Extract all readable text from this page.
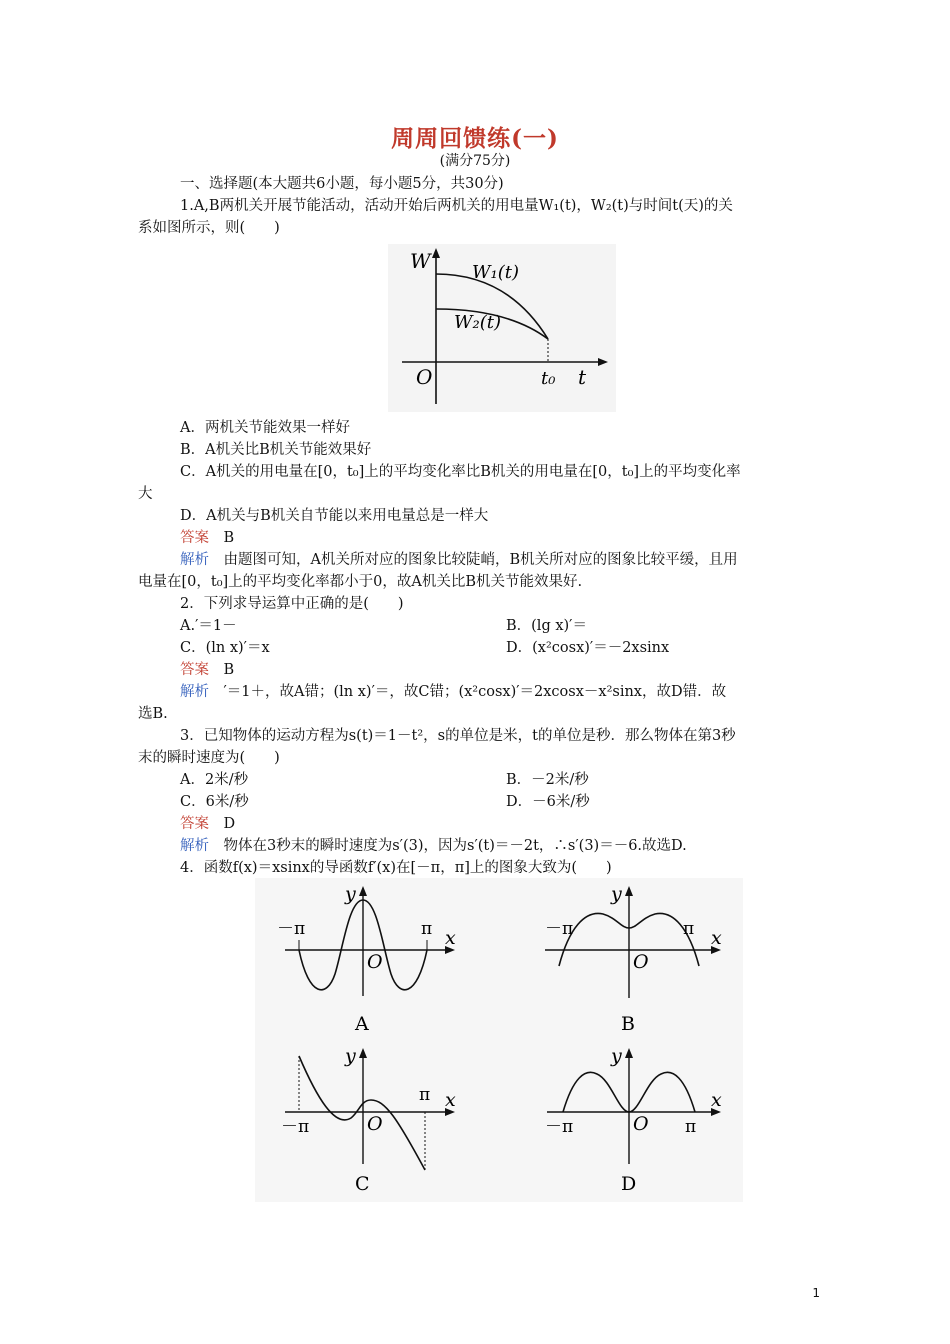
周周回馈练(一)
(满分75分)
一、选择题(本大题共6小题，每小题5分，共30分)
1.A,B两机关开展节能活动，活动开始后两机关的用电量W₁(t)，W₂(t)与时间t(天)的关
系如图所示，则(　　)
W W₁(t)
W₂(t)
O	t₀ t
A．两机关节能效果一样好
B．A机关比B机关节能效果好
C．A机关的用电量在[0，t₀]上的平均变化率比B机关的用电量在[0，t₀]上的平均变化率
大
D．A机关与B机关自节能以来用电量总是一样大
答案　 B
解析　 由题图可知，A机关所对应的图象比较陡峭，B机关所对应的图象比较平缓，且用
电量在[0，t₀]上的平均变化率都小于0，故A机关比B机关节能效果好.
2．下列求导运算中正确的是(　　)
A.′＝1－	B．(lg x)′＝
C．(ln x)′＝x	D．(x²cosx)′＝－2xsinx
答案　 B
解析　 ′＝1＋，故A错；(ln x)′＝，故C错；(x²cosx)′＝2xcosx－x²sinx，故D错．故
选B.
3．已知物体的运动方程为s(t)＝1－t²，s的单位是米，t的单位是秒．那么物体在第3秒
末的瞬时速度为(　　)
A．2米/秒	B．－2米/秒
C．6米/秒	D．－6米/秒
答案　 D
解析　 物体在3秒末的瞬时速度为s′(3)，因为s′(t)＝－2t，∴s′(3)＝－6.故选D.
4．函数f(x)＝xsinx的导函数f′(x)在[－π，π]上的图象大致为(　　)
－π	π
O
x
y
A
－π	π
O
x
y
B
－π
π
O
x
y
C
－π	π
O
x
y
D
1
